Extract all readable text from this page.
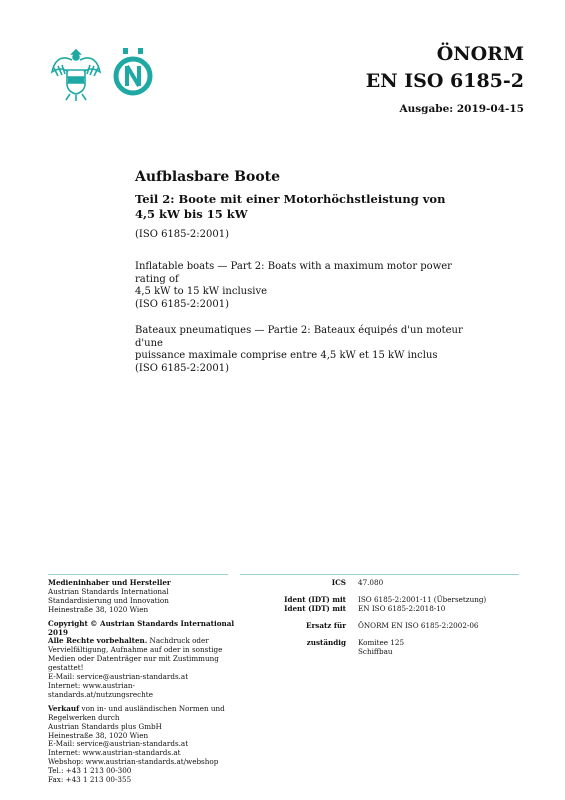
ÖNORM
EN ISO 6185-2
Ausgabe: 2019-04-15
Aufblasbare Boote
Teil 2: Boote mit einer Motorhöchstleistung von 4,5 kW bis 15 kW
(ISO 6185-2:2001)
Inflatable boats — Part 2: Boats with a maximum motor power rating of
4,5 kW to 15 kW inclusive
(ISO 6185-2:2001)
Bateaux pneumatiques — Partie 2: Bateaux équipés d'un moteur d'une
puissance maximale comprise entre 4,5 kW et 15 kW inclus
(ISO 6185-2:2001)
Medieninhaber und Hersteller
Austrian Standards International
Standardisierung und Innovation
Heinestraße 38, 1020 Wien
Copyright © Austrian Standards International 2019
Alle Rechte vorbehalten. Nachdruck oder
Vervielfältigung, Aufnahme auf oder in sonstige
Medien oder Datenträger nur mit Zustimmung
gestattet!
E-Mail: service@austrian-standards.at
Internet: www.austrian-standards.at/nutzungsrechte
Verkauf von in- und ausländischen Normen und
Regelwerken durch
Austrian Standards plus GmbH
Heinestraße 38, 1020 Wien
E-Mail: service@austrian-standards.at
Internet: www.austrian-standards.at
Webshop: www.austrian-standards.at/webshop
Tel.: +43 1 213 00-300
Fax: +43 1 213 00-355
ICS 47.080
Ident (IDT) mit ISO 6185-2:2001-11 (Übersetzung)
Ident (IDT) mit EN ISO 6185-2:2018-10
Ersatz für ÖNORM EN ISO 6185-2:2002-06
zuständig Komitee 125
Schiffbau
